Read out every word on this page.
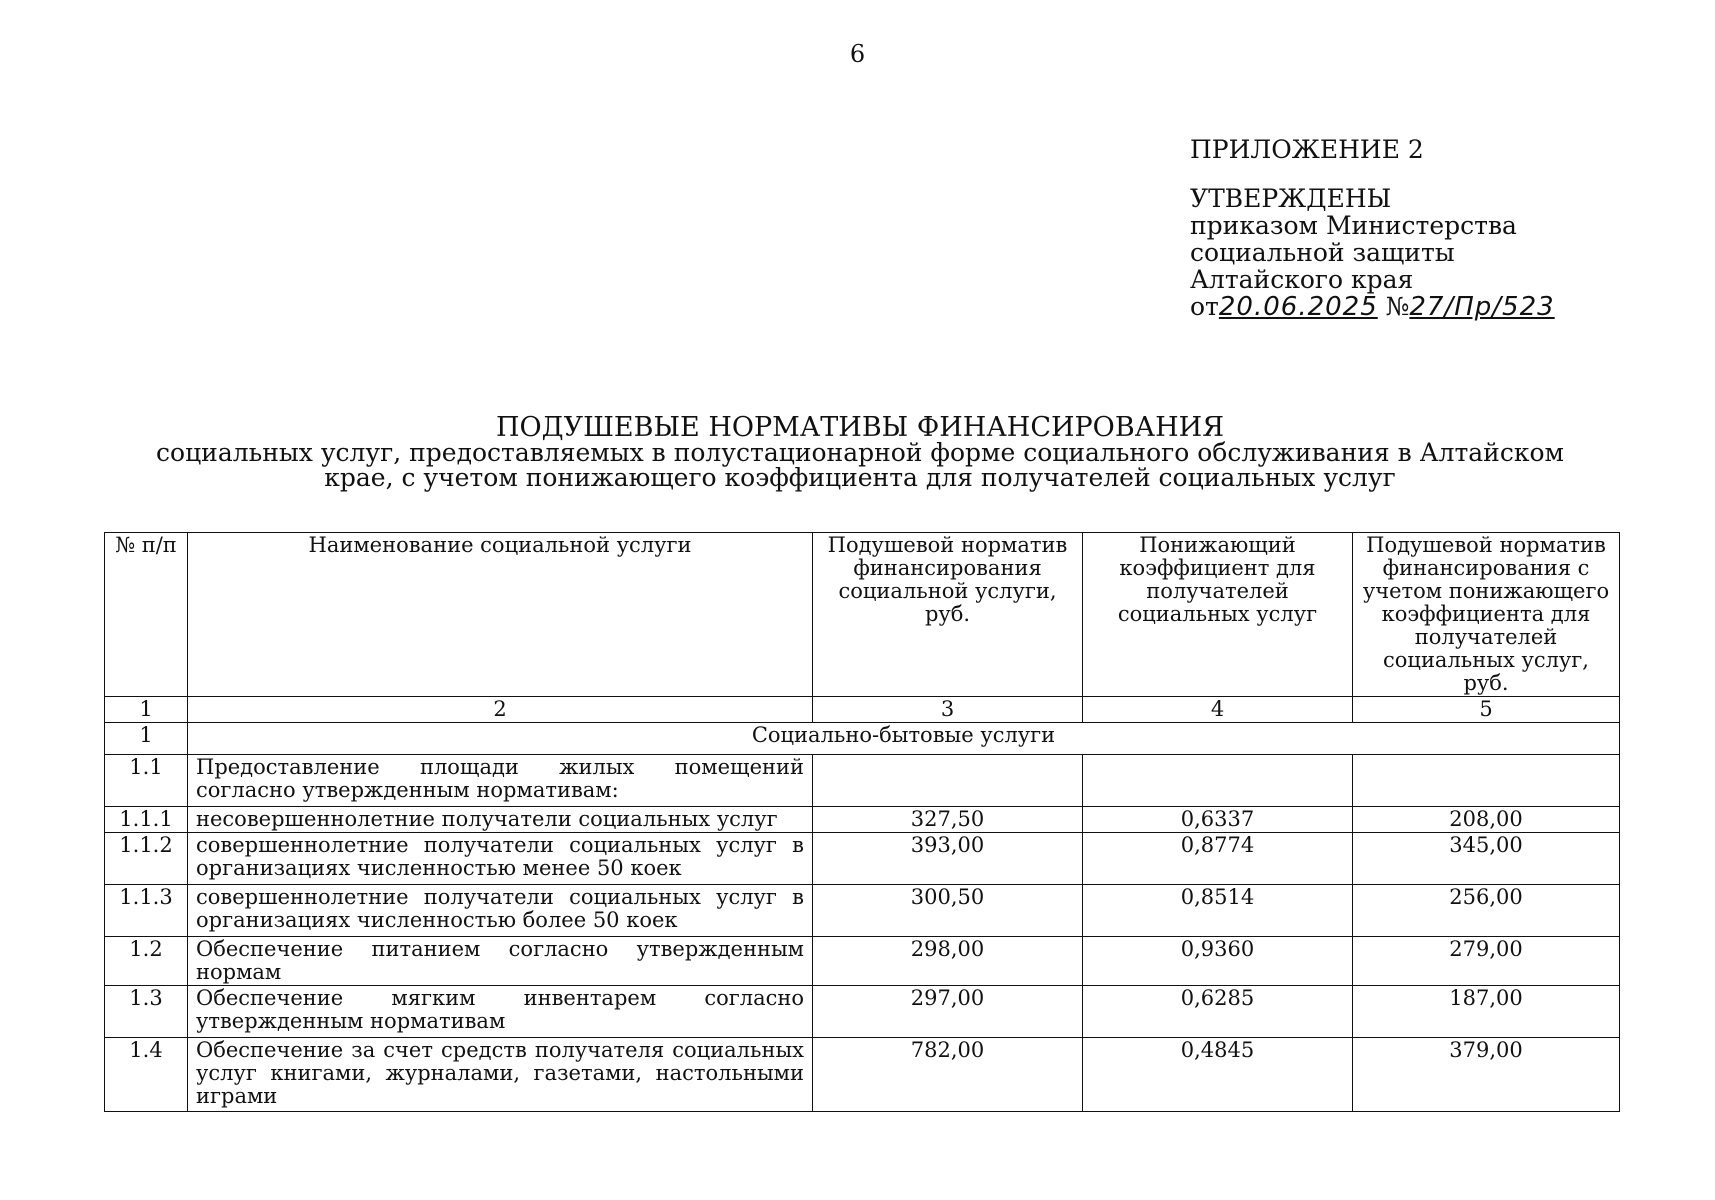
6
ПРИЛОЖЕНИЕ 2
УТВЕРЖДЕНЫ
приказом Министерства
социальной защиты
Алтайского края
от20.06.2025 №27/Пр/523
ПОДУШЕВЫЕ НОРМАТИВЫ ФИНАНСИРОВАНИЯ
социальных услуг, предоставляемых в полустационарной форме социального обслуживания в Алтайском
крае, с учетом понижающего коэффициента для получателей социальных услуг
№ п/п	Наименование социальной услуги	Подушевой норматив финансирования социальной услуги, руб.	Понижающий коэффициент для получателей социальных услуг	Подушевой норматив финансирования с учетом понижающего коэффициента для получателей социальных услуг, руб.
1	2	3	4	5
1	Социально-бытовые услуги			
1.1	Предоставление площади жилых помещений согласно утвержденным нормативам:			
1.1.1	несовершеннолетние получатели социальных услуг	327,50	0,6337	208,00
1.1.2	совершеннолетние получатели социальных услуг в организациях численностью менее 50 коек	393,00	0,8774	345,00
1.1.3	совершеннолетние получатели социальных услуг в организациях численностью более 50 коек	300,50	0,8514	256,00
1.2	Обеспечение питанием согласно утвержденным нормам	298,00	0,9360	279,00
1.3	Обеспечение мягким инвентарем согласно утвержденным нормативам	297,00	0,6285	187,00
1.4	Обеспечение за счет средств получателя социальных услуг книгами, журналами, газетами, настольными играми	782,00	0,4845	379,00
